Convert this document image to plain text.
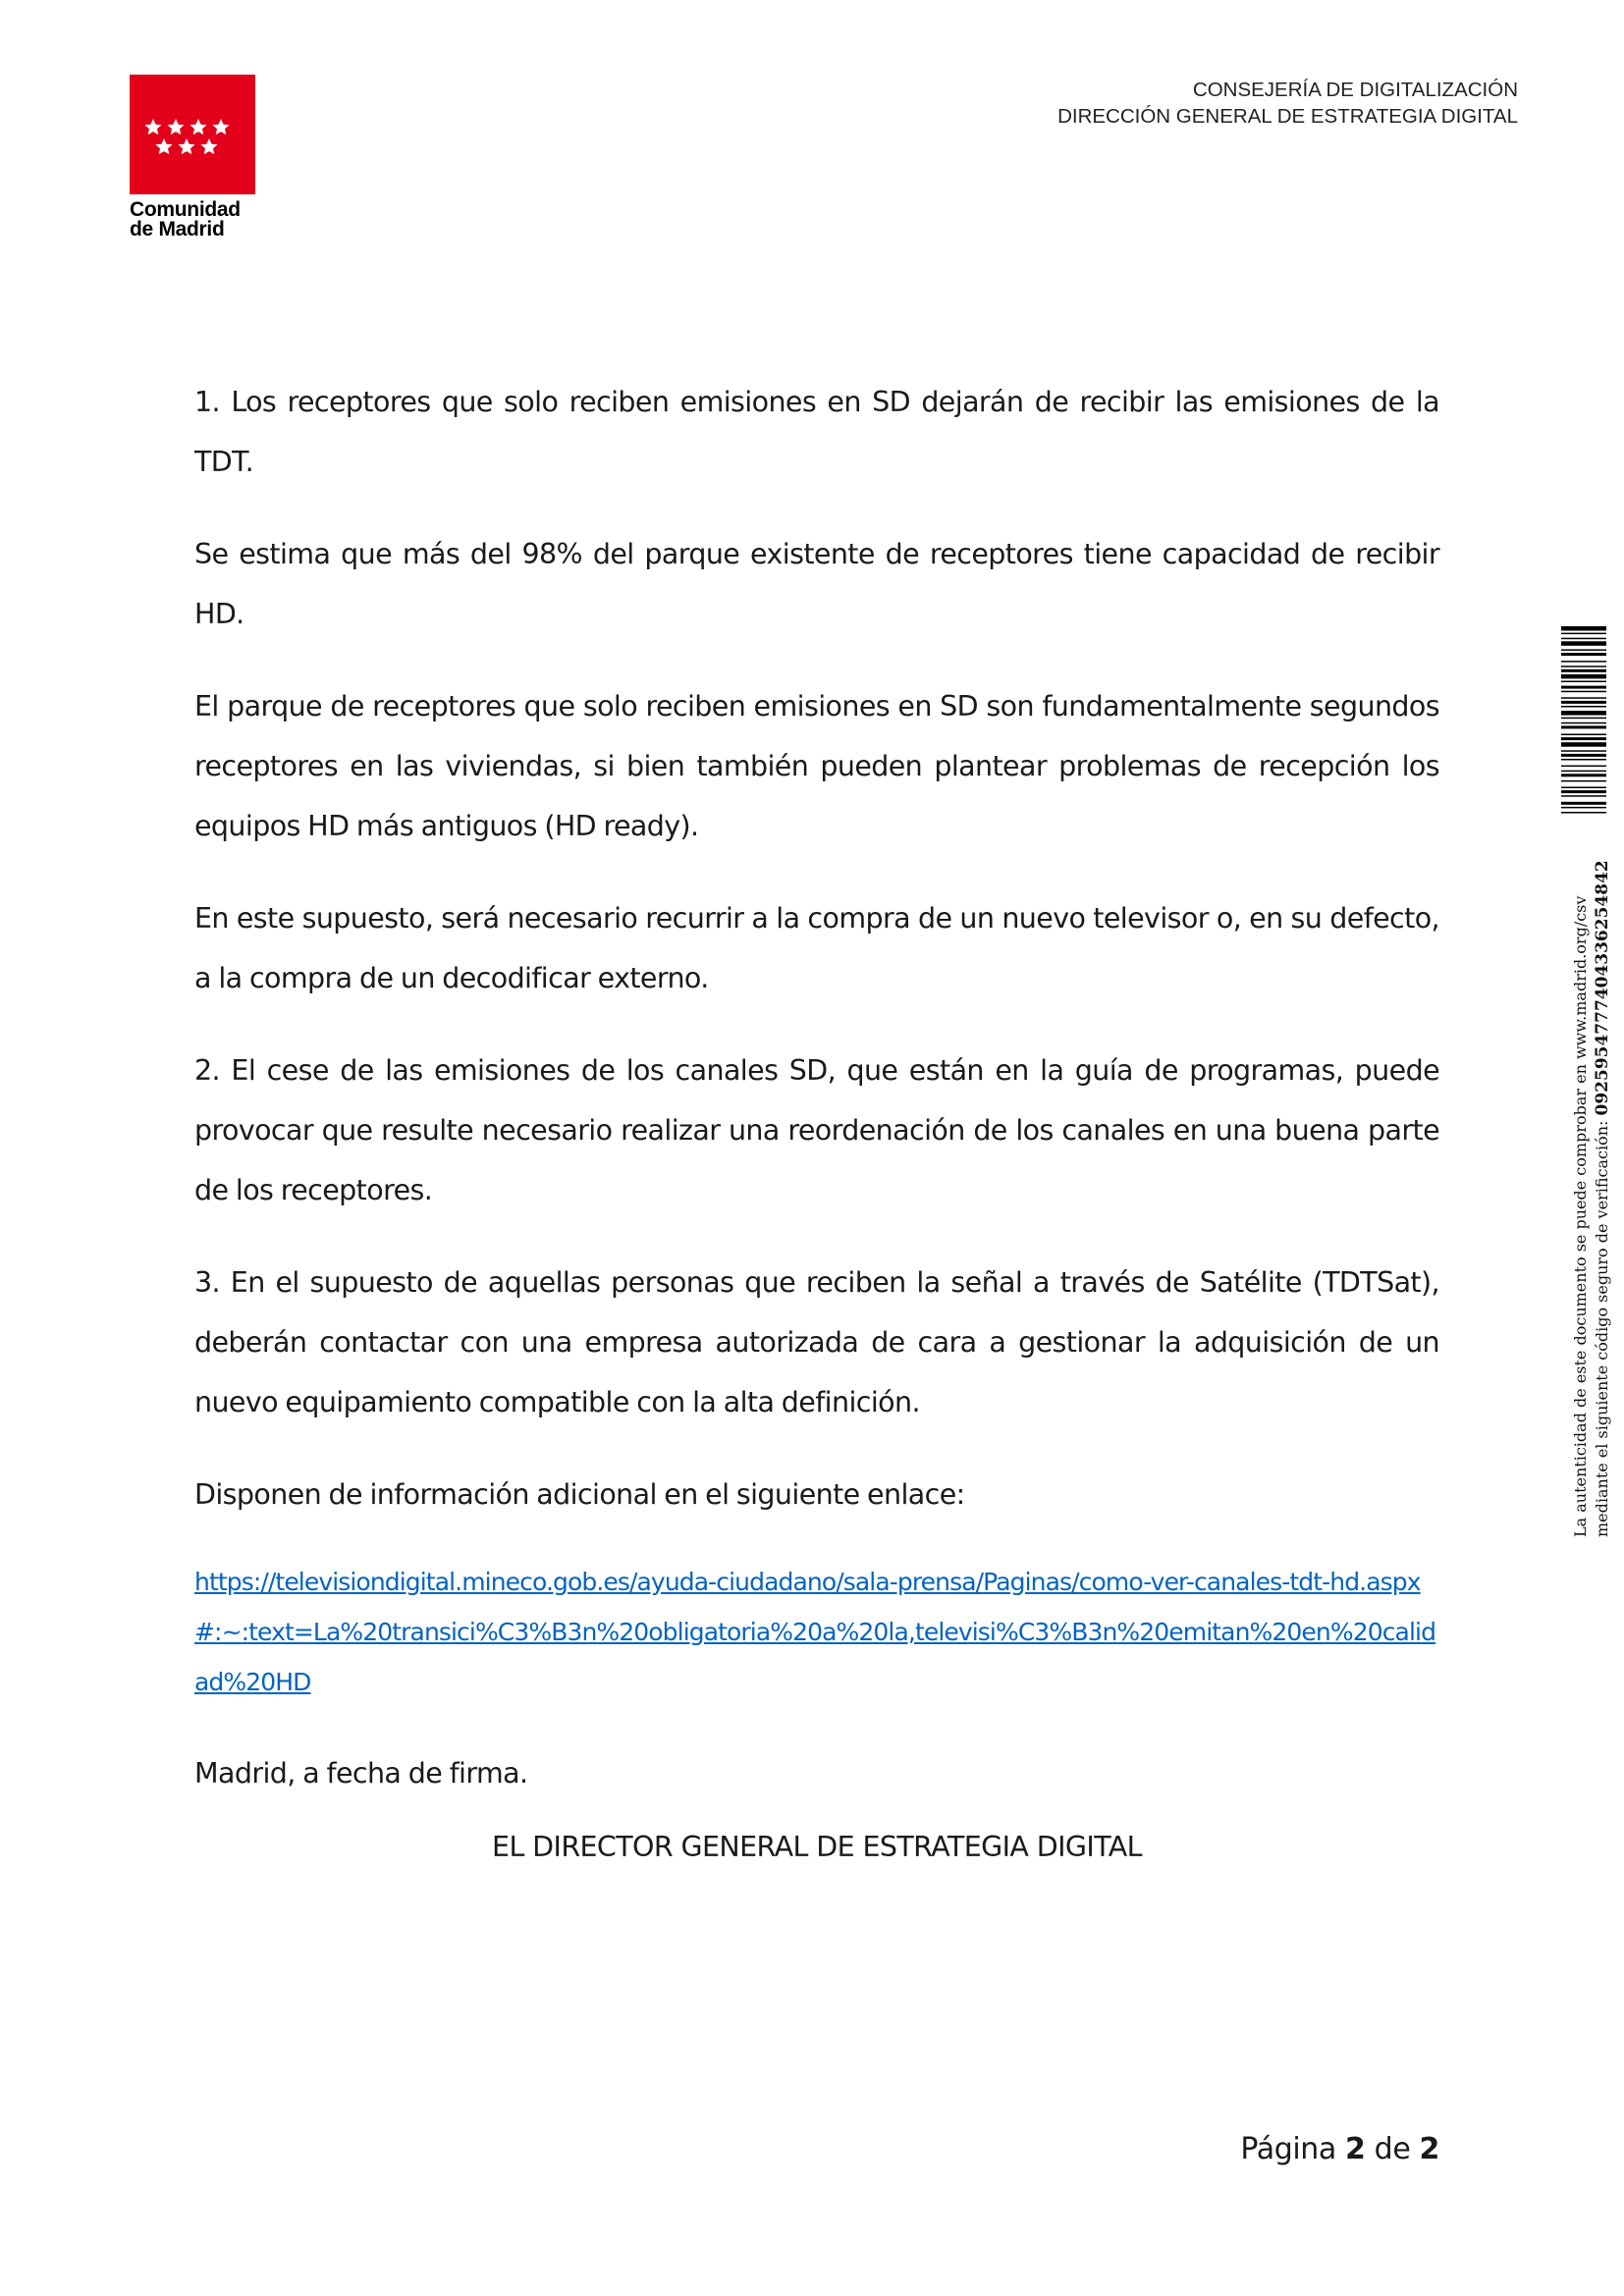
Comunidad
de Madrid
CONSEJERÍA DE DIGITALIZACIÓN
DIRECCIÓN GENERAL DE ESTRATEGIA DIGITAL

1. Los receptores que solo reciben emisiones en SD dejarán de recibir las emisiones de la TDT.

Se estima que más del 98% del parque existente de receptores tiene capacidad de recibir HD.

El parque de receptores que solo reciben emisiones en SD son fundamentalmente segundos receptores en las viviendas, si bien también pueden plantear problemas de recepción los equipos HD más antiguos (HD ready).

En este supuesto, será necesario recurrir a la compra de un nuevo televisor o, en su defecto, a la compra de un decodificar externo.

2. El cese de las emisiones de los canales SD, que están en la guía de programas, puede provocar que resulte necesario realizar una reordenación de los canales en una buena parte de los receptores.

3. En el supuesto de aquellas personas que reciben la señal a través de Satélite (TDTSat), deberán contactar con una empresa autorizada de cara a gestionar la adquisición de un nuevo equipamiento compatible con la alta definición.

Disponen de información adicional en el siguiente enlace:

https://televisiondigital.mineco.gob.es/ayuda-ciudadano/sala-prensa/Paginas/como-ver-canales-tdt-hd.aspx#:~:text=La%20transici%C3%B3n%20obligatoria%20a%20la,televisi%C3%B3n%20emitan%20en%20calidad%20HD

Madrid, a fecha de firma.

EL DIRECTOR GENERAL DE ESTRATEGIA DIGITAL
Página 2 de 2
La autenticidad de este documento se puede comprobar en www.madrid.org/csv mediante el siguiente código seguro de verificación: 0925954777404336254842
